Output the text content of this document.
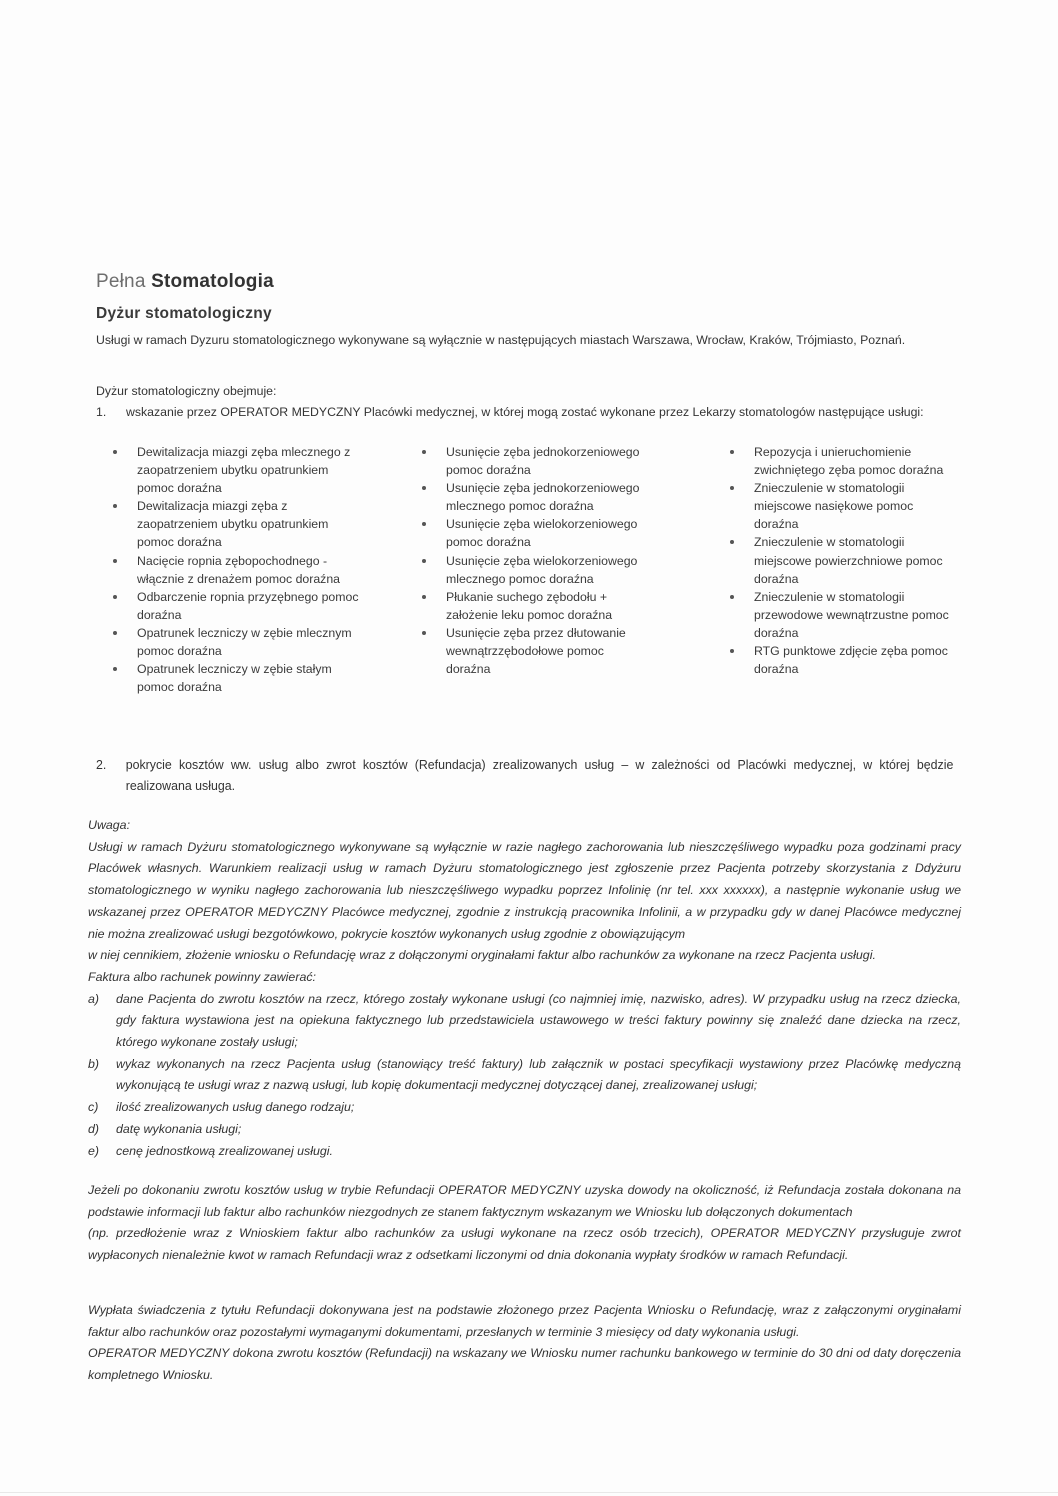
Pełna Stomatologia
Dyżur stomatologiczny
Usługi w ramach Dyzuru stomatologicznego wykonywane są wyłącznie w następujących miastach Warszawa, Wrocław, Kraków, Trójmiasto, Poznań.
Dyżur stomatologiczny obejmuje:
1. wskazanie przez OPERATOR MEDYCZNY Placówki medycznej, w której mogą zostać wykonane przez Lekarzy stomatologów następujące usługi:
Dewitalizacja miazgi zęba mlecznego z zaopatrzeniem ubytku opatrunkiem pomoc doraźna
Dewitalizacja miazgi zęba z zaopatrzeniem ubytku opatrunkiem pomoc doraźna
Nacięcie ropnia zębopochodnego - włącznie z drenażem pomoc doraźna
Odbarczenie ropnia przyzębnego pomoc doraźna
Opatrunek leczniczy w zębie mlecznym pomoc doraźna
Opatrunek leczniczy w zębie stałym pomoc doraźna
Usunięcie zęba jednokorzeniowego pomoc doraźna
Usunięcie zęba jednokorzeniowego mlecznego pomoc doraźna
Usunięcie zęba wielokorzeniowego pomoc doraźna
Usunięcie zęba wielokorzeniowego mlecznego pomoc doraźna
Płukanie suchego zębodołu + założenie leku pomoc doraźna
Usunięcie zęba przez dłutowanie wewnątrzzębodołowe pomoc doraźna
Repozycja i unieruchomienie zwichniętego zęba pomoc doraźna
Znieczulenie w stomatologii miejscowe nasiękowe pomoc doraźna
Znieczulenie w stomatologii miejscowe powierzchniowe pomoc doraźna
Znieczulenie w stomatologii przewodowe wewnątrzustne pomoc doraźna
RTG punktowe zdjęcie zęba pomoc doraźna
2. pokrycie kosztów ww. usług albo zwrot kosztów (Refundacja) zrealizowanych usług – w zależności od Placówki medycznej, w której będzie realizowana usługa.

Uwaga:

Usługi w ramach Dyżuru stomatologicznego wykonywane są wyłącznie w razie nagłego zachorowania lub nieszczęśliwego wypadku poza godzinami pracy Placówek własnych. Warunkiem realizacji usług w ramach Dyżuru stomatologicznego jest zgłoszenie przez Pacjenta potrzeby skorzystania z Ddyżuru stomatologicznego w wyniku nagłego zachorowania lub nieszczęśliwego wypadku poprzez Infolinię (nr tel. xxx xxxxxx), a następnie wykonanie usług we wskazanej przez OPERATOR MEDYCZNY Placówce medycznej, zgodnie z instrukcją pracownika Infolinii, a w przypadku gdy w danej Placówce medycznej nie można zrealizować usługi bezgotówkowo, pokrycie kosztów wykonanych usług zgodnie z obowiązującym

w niej cennikiem, złożenie wniosku o Refundację wraz z dołączonymi oryginałami faktur albo rachunków za wykonane na rzecz Pacjenta usługi.

Faktura albo rachunek powinny zawierać:

a) dane Pacjenta do zwrotu kosztów na rzecz, którego zostały wykonane usługi (co najmniej imię, nazwisko, adres). W przypadku usług na rzecz dziecka, gdy faktura wystawiona jest na opiekuna faktycznego lub przedstawiciela ustawowego w treści faktury powinny się znaleźć dane dziecka na rzecz, którego wykonane zostały usługi;
b) wykaz wykonanych na rzecz Pacjenta usług (stanowiący treść faktury) lub załącznik w postaci specyfikacji wystawiony przez Placówkę medyczną wykonującą te usługi wraz z nazwą usługi, lub kopię dokumentacji medycznej dotyczącej danej, zrealizowanej usługi;
c) ilość zrealizowanych usług danego rodzaju;
d) datę wykonania usługi;
e) cenę jednostkową zrealizowanej usługi.

Jeżeli po dokonaniu zwrotu kosztów usług w trybie Refundacji OPERATOR MEDYCZNY uzyska dowody na okoliczność, iż Refundacja została dokonana na podstawie informacji lub faktur albo rachunków niezgodnych ze stanem faktycznym wskazanym we Wniosku lub dołączonych dokumentach

(np. przedłożenie wraz z Wnioskiem faktur albo rachunków za usługi wykonane na rzecz osób trzecich), OPERATOR MEDYCZNY przysługuje zwrot wypłaconych nienależnie kwot w ramach Refundacji wraz z odsetkami liczonymi od dnia dokonania wypłaty środków w ramach Refundacji.

Wypłata świadczenia z tytułu Refundacji dokonywana jest na podstawie złożonego przez Pacjenta Wniosku o Refundację, wraz z załączonymi oryginałami faktur albo rachunków oraz pozostałymi wymaganymi dokumentami, przesłanych w terminie 3 miesięcy od daty wykonania usługi.

OPERATOR MEDYCZNY dokona zwrotu kosztów (Refundacji) na wskazany we Wniosku numer rachunku bankowego w terminie do 30 dni od daty doręczenia kompletnego Wniosku.
